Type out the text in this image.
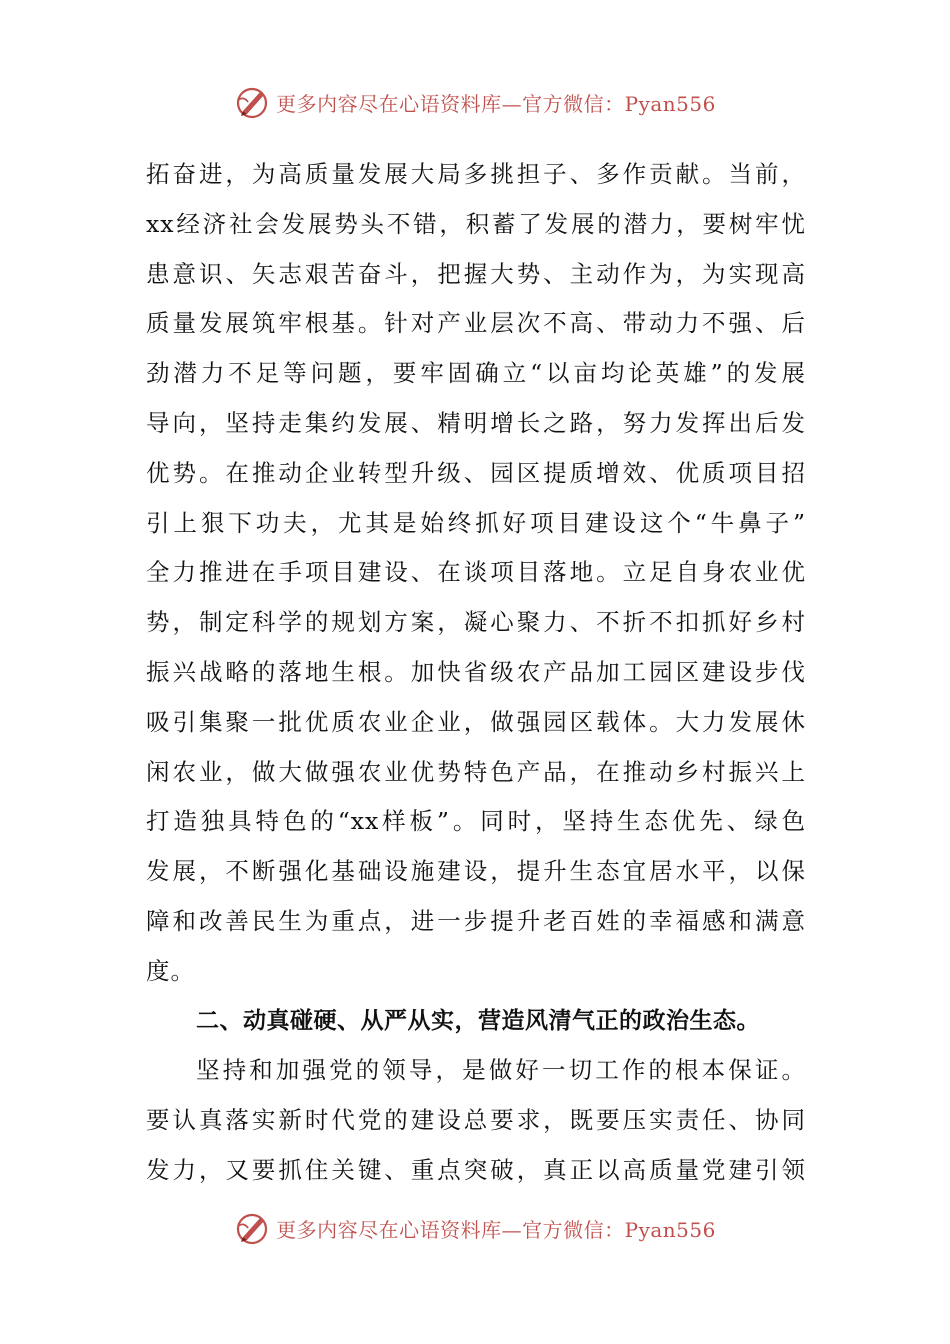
更多内容尽在心语资料库—官方微信：Pyan556
拓奋进，为高质量发展大局多挑担子、多作贡献。当前，
xx经济社会发展势头不错，积蓄了发展的潜力，要树牢忧
患意识、矢志艰苦奋斗，把握大势、主动作为，为实现高
质量发展筑牢根基。针对产业层次不高、带动力不强、后
劲潜力不足等问题，要牢固确立“以亩均论英雄”的发展
导向，坚持走集约发展、精明增长之路，努力发挥出后发
优势。在推动企业转型升级、园区提质增效、优质项目招
引上狠下功夫，尤其是始终抓好项目建设这个“牛鼻子”
全力推进在手项目建设、在谈项目落地。立足自身农业优
势，制定科学的规划方案，凝心聚力、不折不扣抓好乡村
振兴战略的落地生根。加快省级农产品加工园区建设步伐
吸引集聚一批优质农业企业，做强园区载体。大力发展休
闲农业，做大做强农业优势特色产品，在推动乡村振兴上
打造独具特色的“xx样板”。同时，坚持生态优先、绿色
发展，不断强化基础设施建设，提升生态宜居水平，以保
障和改善民生为重点，进一步提升老百姓的幸福感和满意
度。
二、动真碰硬、从严从实，营造风清气正的政治生态。
坚持和加强党的领导，是做好一切工作的根本保证。
要认真落实新时代党的建设总要求，既要压实责任、协同
发力，又要抓住关键、重点突破，真正以高质量党建引领
更多内容尽在心语资料库—官方微信：Pyan556
